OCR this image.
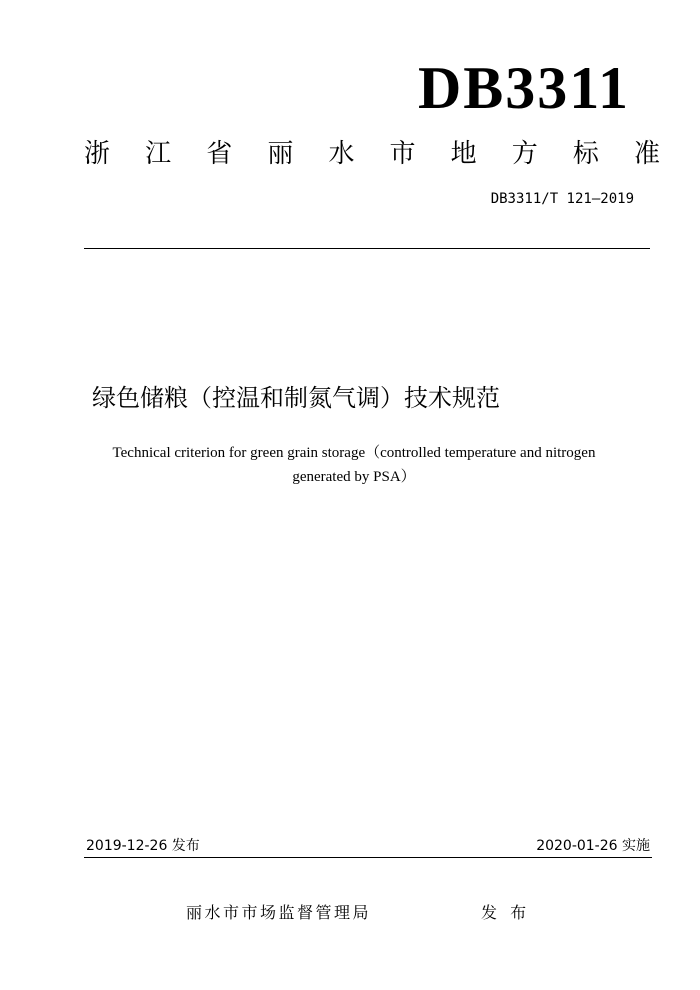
DB3311
浙 江 省 丽 水 市 地 方 标 准
DB3311/T 121—2019
绿色储粮（控温和制氮气调）技术规范
Technical criterion for green grain storage（controlled temperature and nitrogen
generated by PSA）
2019-12-26 发布	2020-01-26 实施
丽水市市场监督管理局	发 布
